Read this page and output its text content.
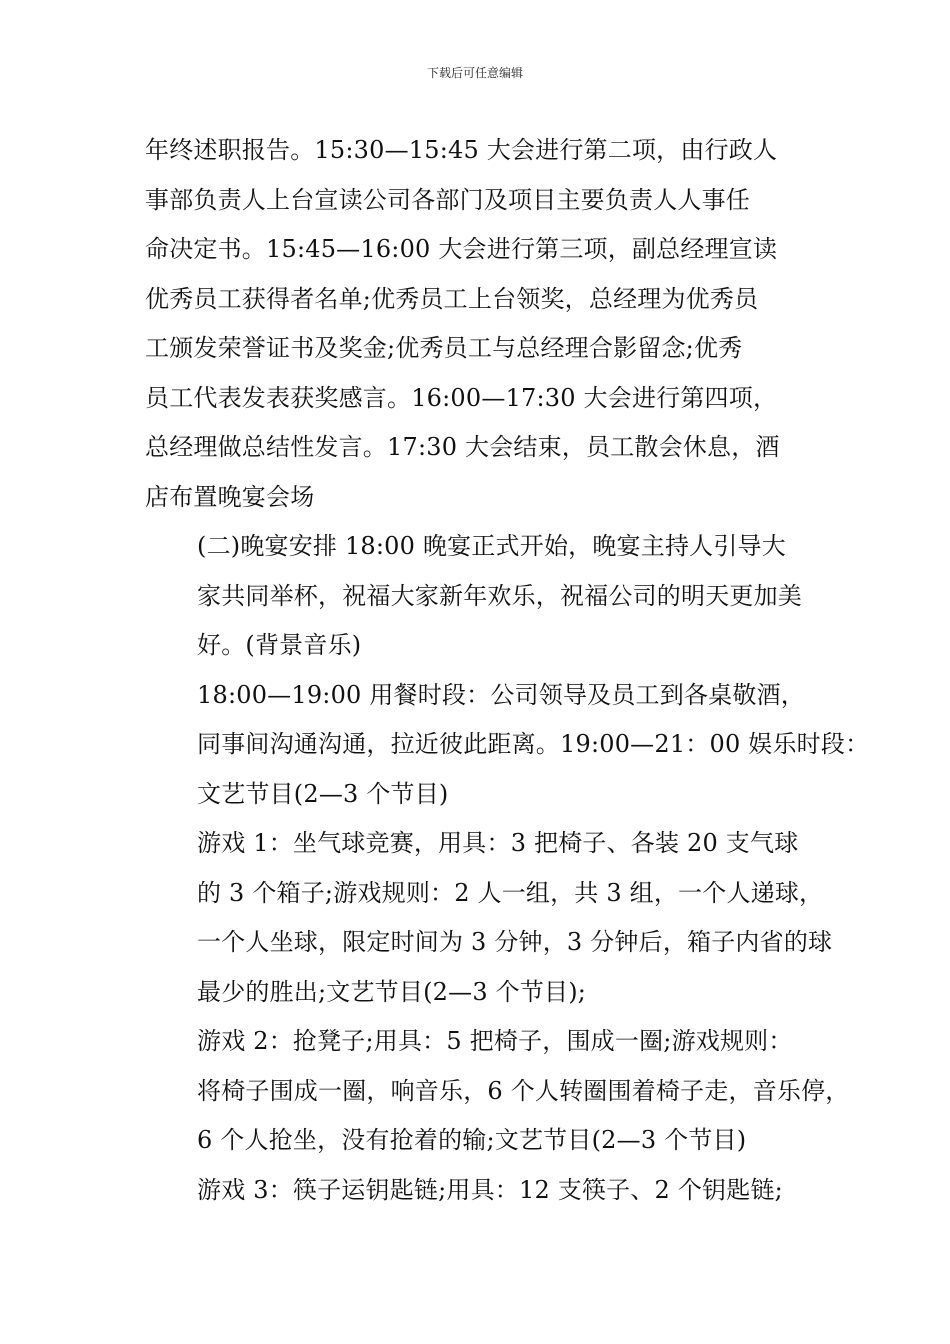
下载后可任意编辑

年终述职报告。15:30—15:45 大会进行第二项，由行政人
事部负责人上台宣读公司各部门及项目主要负责人人事任
命决定书。15:45—16:00 大会进行第三项，副总经理宣读
优秀员工获得者名单;优秀员工上台领奖，总经理为优秀员
工颁发荣誉证书及奖金;优秀员工与总经理合影留念;优秀
员工代表发表获奖感言。16:00—17:30 大会进行第四项，
总经理做总结性发言。17:30 大会结束，员工散会休息，酒
店布置晚宴会场

(二)晚宴安排 18:00 晚宴正式开始，晚宴主持人引导大
家共同举杯，祝福大家新年欢乐，祝福公司的明天更加美
好。(背景音乐)

18:00—19:00 用餐时段：公司领导及员工到各桌敬酒，
同事间沟通沟通，拉近彼此距离。19:00—21：00 娱乐时段：
文艺节目(2—3 个节目)

游戏 1：坐气球竞赛，用具：3 把椅子、各装 20 支气球
的 3 个箱子;游戏规则：2 人一组，共 3 组，一个人递球，
一个人坐球，限定时间为 3 分钟，3 分钟后，箱子内省的球
最少的胜出;文艺节目(2—3 个节目);

游戏 2：抢凳子;用具：5 把椅子，围成一圈;游戏规则：
将椅子围成一圈，响音乐，6 个人转圈围着椅子走，音乐停，
6 个人抢坐，没有抢着的输;文艺节目(2—3 个节目)

游戏 3：筷子运钥匙链;用具：12 支筷子、2 个钥匙链;
